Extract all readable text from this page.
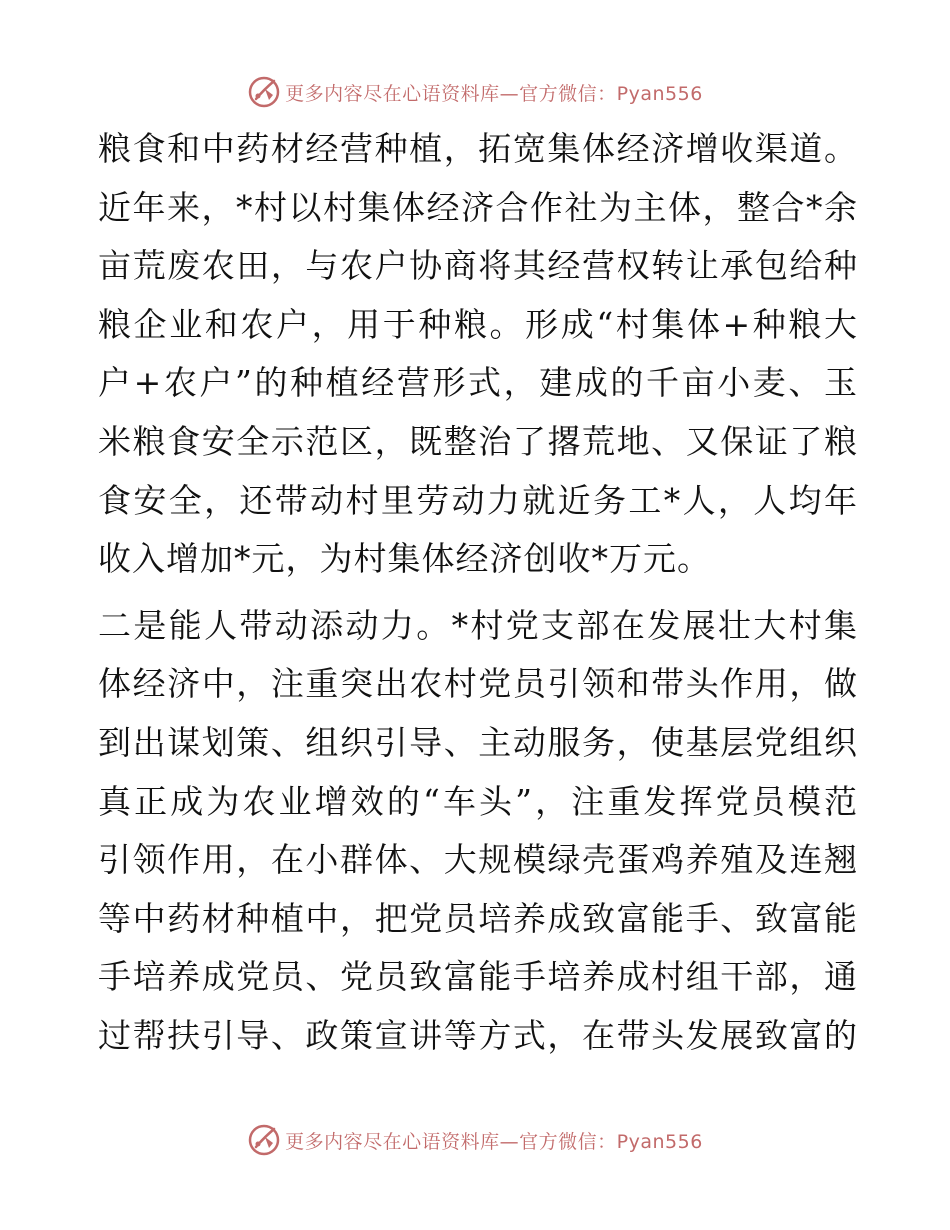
更多内容尽在心语资料库—官方微信：Pyan556

粮食和中药材经营种植，拓宽集体经济增收渠道。
近年来，*村以村集体经济合作社为主体，整合*余
亩荒废农田，与农户协商将其经营权转让承包给种
粮企业和农户，用于种粮。形成“村集体+种粮大
户+农户”的种植经营形式，建成的千亩小麦、玉
米粮食安全示范区，既整治了撂荒地、又保证了粮
食安全，还带动村里劳动力就近务工*人，人均年
收入增加*元，为村集体经济创收*万元。

二是能人带动添动力。*村党支部在发展壮大村集
体经济中，注重突出农村党员引领和带头作用，做
到出谋划策、组织引导、主动服务，使基层党组织
真正成为农业增效的“车头”，注重发挥党员模范
引领作用，在小群体、大规模绿壳蛋鸡养殖及连翘
等中药材种植中，把党员培养成致富能手、致富能
手培养成党员、党员致富能手培养成村组干部，通
过帮扶引导、政策宣讲等方式，在带头发展致富的

更多内容尽在心语资料库—官方微信：Pyan556
